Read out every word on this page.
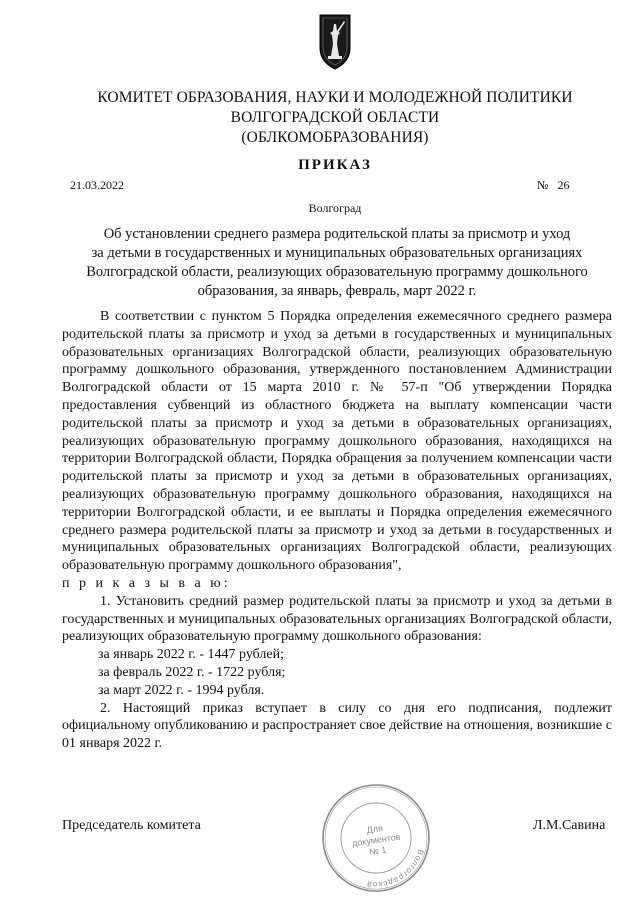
КОМИТЕТ ОБРАЗОВАНИЯ, НАУКИ И МОЛОДЕЖНОЙ ПОЛИТИКИ
ВОЛГОГРАДСКОЙ ОБЛАСТИ
(ОБЛКОМОБРАЗОВАНИЯ)
ПРИКАЗ
21.03.2022	№ 26
Волгоград
Об установлении среднего размера родительской платы за присмотр и уход
за детьми в государственных и муниципальных образовательных организациях
Волгоградской области, реализующих образовательную программу дошкольного
образования, за январь, февраль, март 2022 г.

В соответствии с пунктом 5 Порядка определения ежемесячного среднего размера родительской платы за присмотр и уход за детьми в государственных и муниципальных образовательных организациях Волгоградской области, реализующих образовательную программу дошкольного образования, утвержденного постановлением Администрации Волгоградской области от 15 марта 2010 г. № 57-п "Об утверждении Порядка предоставления субвенций из областного бюджета на выплату компенсации части родительской платы за присмотр и уход за детьми в образовательных организациях, реализующих образовательную программу дошкольного образования, находящихся на территории Волгоградской области, Порядка обращения за получением компенсации части родительской платы за присмотр и уход за детьми в образовательных организациях, реализующих образовательную программу дошкольного образования, находящихся на территории Волгоградской области, и ее выплаты и Порядка определения ежемесячного среднего размера родительской платы за присмотр и уход за детьми в государственных и муниципальных образовательных организациях Волгоградской области, реализующих образовательную программу дошкольного образования",

п р и к а з ы в а ю:

1. Установить средний размер родительской платы за присмотр и уход за детьми в государственных и муниципальных образовательных организациях Волгоградской области, реализующих образовательную программу дошкольного образования:

за январь 2022 г. - 1447 рублей;

за февраль 2022 г. - 1722 рубля;

за март 2022 г. - 1994 рубля.

2. Настоящий приказ вступает в силу со дня его подписания, подлежит официальному опубликованию и распространяет свое действие на отношения, возникшие с 01 января 2022 г.

Волгоградской
Для
документов
№ 1
Председатель комитета	Л.М.Савина
